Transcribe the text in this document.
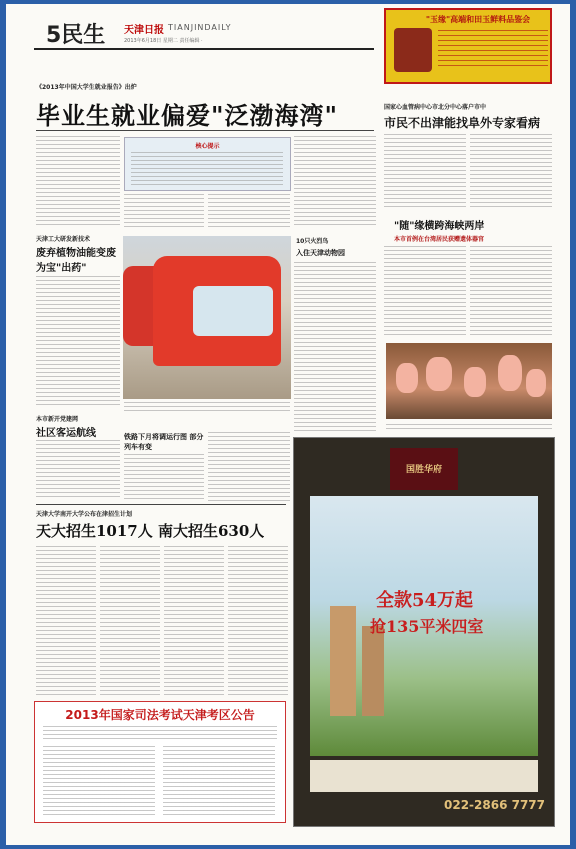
5民生 天津日报 TIANJINDAILY
2013年6月18日 星期二 责任编辑 ·
"玉缘"高端和田玉鲜料品鉴会
《2013年中国大学生就业报告》出炉
毕业生就业偏爱"泛渤海湾"
核心提示
国家心血管病中心市北分中心落户市中
市民不出津能找阜外专家看病
"随"缘横跨海峡两岸
本市首例在台湾居民获赠遗体器官
天津工大研发新技术
废弃植物油能变废为宝"出药"
本市新开党建网
社区客运航线
10只火烈鸟
入住天津动物园
铁路下月将调运行图 部分列车有变
天津大学南开大学公布在津招生计划
天大招生1017人 南大招生630人
2013年国家司法考试天津考区公告
国胜华府
全款54万起
抢135平米四室
022-2866 7777
